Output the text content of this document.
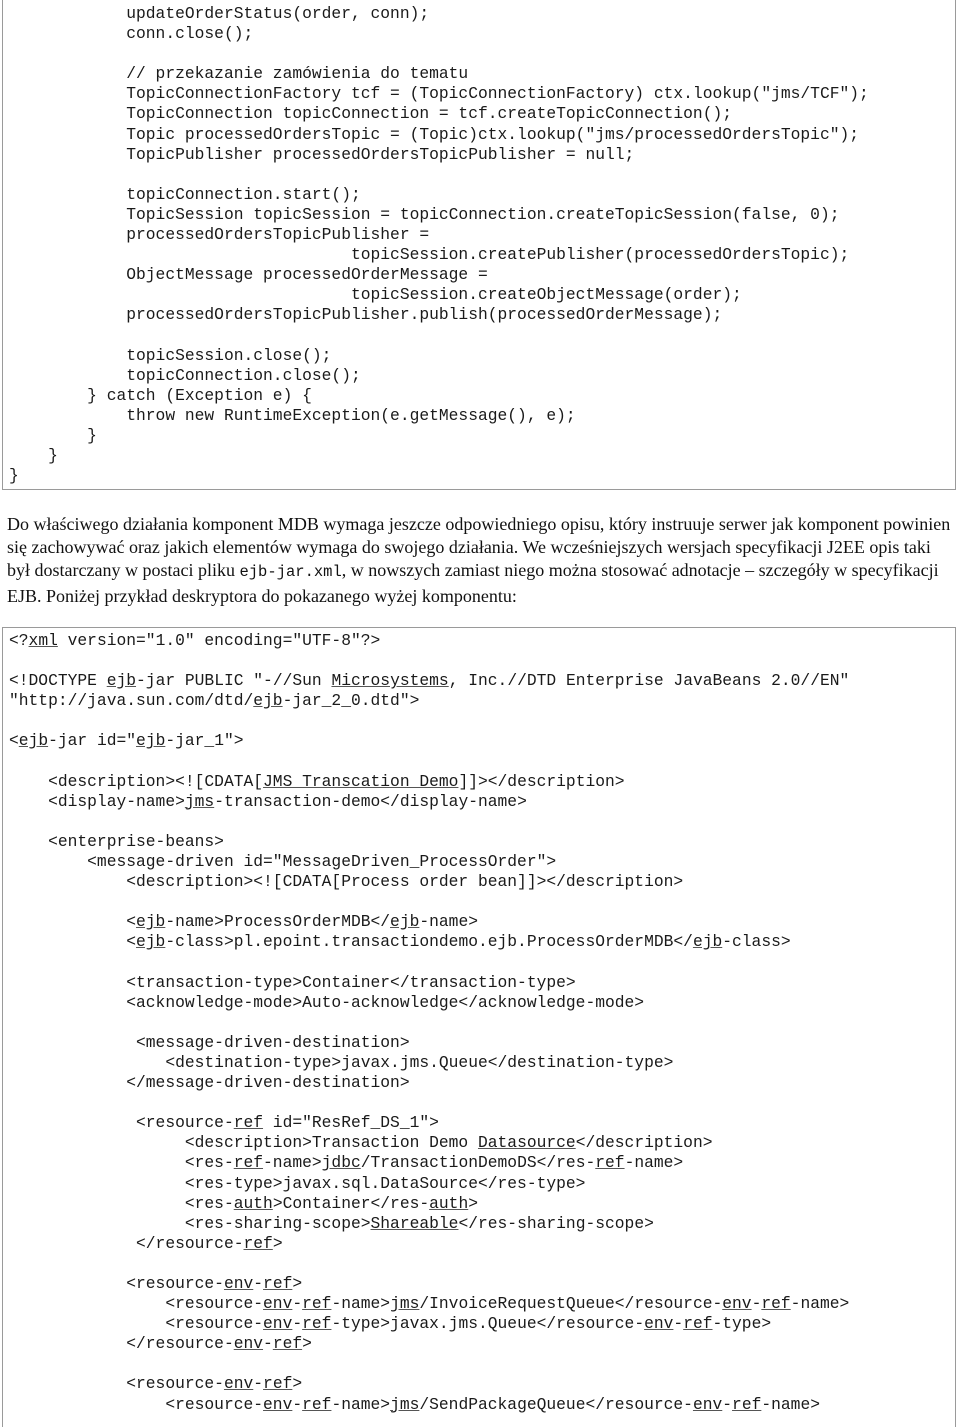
updateOrderStatus(order, conn);
conn.close();

// przekazanie zamówienia do tematu
TopicConnectionFactory tcf = (TopicConnectionFactory) ctx.lookup("jms/TCF");
TopicConnection topicConnection = tcf.createTopicConnection();
Topic processedOrdersTopic = (Topic)ctx.lookup("jms/processedOrdersTopic");
TopicPublisher processedOrdersTopicPublisher = null;

topicConnection.start();
TopicSession topicSession = topicConnection.createTopicSession(false, 0);
processedOrdersTopicPublisher =
topicSession.createPublisher(processedOrdersTopic);
ObjectMessage processedOrderMessage =
topicSession.createObjectMessage(order);
processedOrdersTopicPublisher.publish(processedOrderMessage);

topicSession.close();
topicConnection.close();
} catch (Exception e) {
throw new RuntimeException(e.getMessage(), e);
}
}
}

Do właściwego działania komponent MDB wymaga jeszcze odpowiedniego opisu, który instruuje serwer jak komponent powinien się zachowywać oraz jakich elementów wymaga do swojego działania. We wcześniejszych wersjach specyfikacji J2EE opis taki był dostarczany w postaci pliku ejb-jar.xml, w nowszych zamiast niego można stosować adnotacje – szczegóły w specyfikacji EJB. Poniżej przykład deskryptora do pokazanego wyżej komponentu:

<?xml version="1.0" encoding="UTF-8"?>

<!DOCTYPE ejb-jar PUBLIC "-//Sun Microsystems, Inc.//DTD Enterprise JavaBeans 2.0//EN"
"http://java.sun.com/dtd/ejb-jar_2_0.dtd">

<ejb-jar id="ejb-jar_1">

<description><![CDATA[JMS Transcation Demo]]></description>
<display-name>jms-transaction-demo</display-name>

<enterprise-beans>
<message-driven id="MessageDriven_ProcessOrder">
<description><![CDATA[Process order bean]]></description>

<ejb-name>ProcessOrderMDB</ejb-name>
<ejb-class>pl.epoint.transactiondemo.ejb.ProcessOrderMDB</ejb-class>

<transaction-type>Container</transaction-type>
<acknowledge-mode>Auto-acknowledge</acknowledge-mode>

<message-driven-destination>
<destination-type>javax.jms.Queue</destination-type>
</message-driven-destination>

<resource-ref id="ResRef_DS_1">
<description>Transaction Demo Datasource</description>
<res-ref-name>jdbc/TransactionDemoDS</res-ref-name>
<res-type>javax.sql.DataSource</res-type>
<res-auth>Container</res-auth>
<res-sharing-scope>Shareable</res-sharing-scope>
</resource-ref>

<resource-env-ref>
<resource-env-ref-name>jms/InvoiceRequestQueue</resource-env-ref-name>
<resource-env-ref-type>javax.jms.Queue</resource-env-ref-type>
</resource-env-ref>

<resource-env-ref>
<resource-env-ref-name>jms/SendPackageQueue</resource-env-ref-name>
